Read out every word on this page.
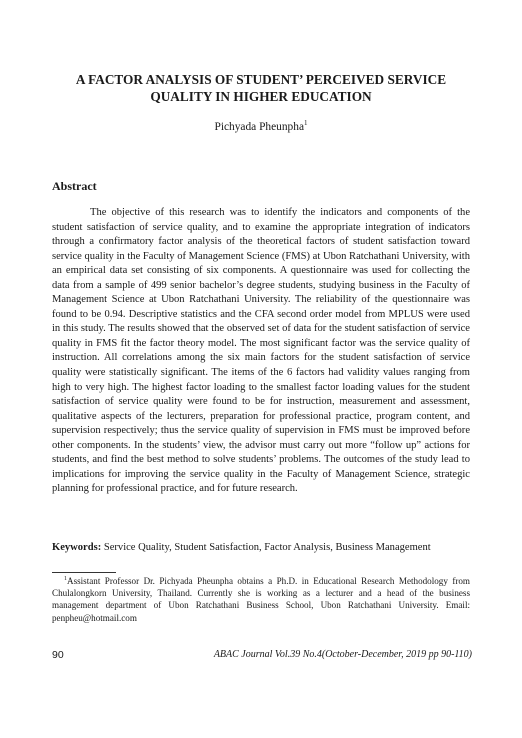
A FACTOR ANALYSIS OF STUDENT’ PERCEIVED SERVICE
QUALITY IN HIGHER EDUCATION
Pichyada Pheunpha$^1$
Abstract
The objective of this research was to identify the indicators and components of the student satisfaction of service quality, and to examine the appropriate integration of indicators through a confirmatory factor analysis of the theoretical factors of student satisfaction toward service quality in the Faculty of Management Science (FMS) at Ubon Ratchathani University, with an empirical data set consisting of six components. A questionnaire was used for collecting the data from a sample of 499 senior bachelor’s degree students, studying business in the Faculty of Management Science at Ubon Ratchathani University. The reliability of the questionnaire was found to be 0.94. Descriptive statistics and the CFA second order model from MPLUS were used in this study. The results showed that the observed set of data for the student satisfaction of service quality in FMS fit the factor theory model. The most significant factor was the service quality of instruction. All correlations among the six main factors for the student satisfaction of service quality were statistically significant. The items of the 6 factors had validity values ranging from high to very high. The highest factor loading to the smallest factor loading values for the student satisfaction of service quality were found to be for instruction, measurement and assessment, qualitative aspects of the lecturers, preparation for professional practice, program content, and supervision respectively; thus the service quality of supervision in FMS must be improved before other components. In the students’ view, the advisor must carry out more “follow up” actions for students, and find the best method to solve students’ problems. The outcomes of the study lead to implications for improving the service quality in the Faculty of Management Science, strategic planning for professional practice, and for future research.
Keywords: Service Quality, Student Satisfaction, Factor Analysis, Business Management
$^1$Assistant Professor Dr. Pichyada Pheunpha obtains a Ph.D. in Educational Research Methodology from Chulalongkorn University, Thailand. Currently she is working as a lecturer and a head of the business management department of Ubon Ratchathani Business School, Ubon Ratchathani University. Email: penpheu@hotmail.com
90	ABAC Journal Vol.39 No.4(October-December, 2019 pp 90-110)
